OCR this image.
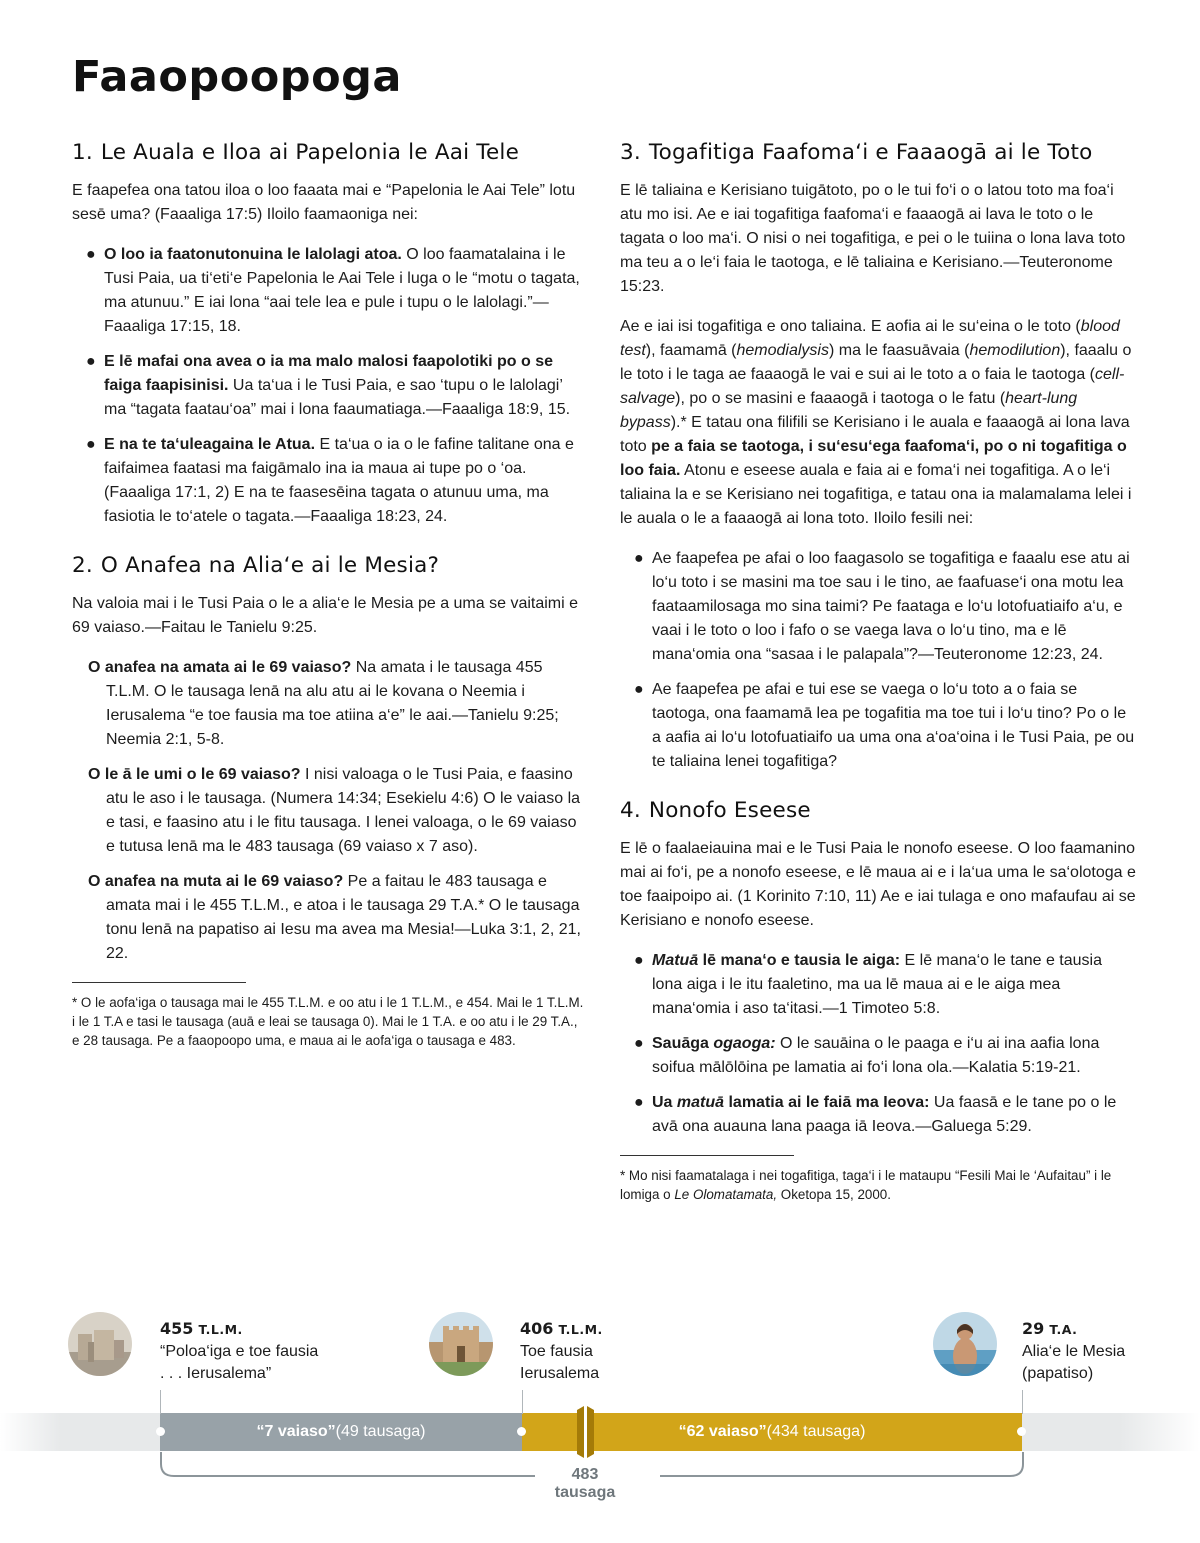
Faaopoopoga
1. Le Auala e Iloa ai Papelonia le Aai Tele

E faapefea ona tatou iloa o loo faaata mai e “Papelonia le Aai Tele” lotu sesē uma? (Faaaliga 17:5) Iloilo faamaoniga nei:

● O loo ia faatonutonuina le lalolagi atoa. O loo faamatalaina i le Tusi Paia, ua ti‘eti‘e Papelonia le Aai Tele i luga o le “motu o tagata, ma atunuu.” E iai lona “aai tele lea e pule i tupu o le lalolagi.”—Faaaliga 17:15, 18.
● E lē mafai ona avea o ia ma malo malosi faapolotiki po o se faiga faapisinisi. Ua ta‘ua i le Tusi Paia, e sao ‘tupu o le lalolagi’ ma “tagata faatau‘oa” mai i lona faaumatiaga.—Faaaliga 18:9, 15.
● E na te ta‘uleagaina le Atua. E ta‘ua o ia o le fafine talitane ona e faifaimea faatasi ma faigāmalo ina ia maua ai tupe po o ‘oa. (Faaaliga 17:1, 2) E na te faasesēina tagata o atunuu uma, ma fasiotia le to‘atele o tagata.—Faaaliga 18:23, 24.
2. O Anafea na Alia‘e ai le Mesia?

Na valoia mai i le Tusi Paia o le a alia‘e le Mesia pe a uma se vaitaimi e 69 vaiaso.—Faitau le Tanielu 9:25.

O anafea na amata ai le 69 vaiaso? Na amata i le tausaga 455 T.L.M. O le tausaga lenā na alu atu ai le kovana o Neemia i Ierusalema “e toe fausia ma toe atiina a‘e” le aai.—Tanielu 9:25; Neemia 2:1, 5-8.

O le ā le umi o le 69 vaiaso? I nisi valoaga o le Tusi Paia, e faasino atu le aso i le tausaga. (Numera 14:34; Esekielu 4:6) O le vaiaso la e tasi, e faasino atu i le fitu tausaga. I lenei valoaga, o le 69 vaiaso e tutusa lenā ma le 483 tausaga (69 vaiaso x 7 aso).

O anafea na muta ai le 69 vaiaso? Pe a faitau le 483 tausaga e amata mai i le 455 T.L.M., e atoa i le tausaga 29 T.A.* O le tausaga tonu lenā na papatiso ai Iesu ma avea ma Mesia!—Luka 3:1, 2, 21, 22.

* O le aofa‘iga o tausaga mai le 455 T.L.M. e oo atu i le 1 T.L.M., e 454. Mai le 1 T.L.M. i le 1 T.A e tasi le tausaga (auā e leai se tausaga 0). Mai le 1 T.A. e oo atu i le 29 T.A., e 28 tausaga. Pe a faaopoopo uma, e maua ai le aofa‘iga o tausaga e 483.

3. Togafitiga Faafoma‘i e Faaaogā ai le Toto

E lē taliaina e Kerisiano tuigātoto, po o le tui fo‘i o o latou toto ma foa‘i atu mo isi. Ae e iai togafitiga faafoma‘i e faaaogā ai lava le toto o le tagata o loo ma‘i. O nisi o nei togafitiga, e pei o le tuiina o lona lava toto ma teu a o le‘i faia le taotoga, e lē taliaina e Kerisiano.—Teuteronome 15:23.

Ae e iai isi togafitiga e ono taliaina. E aofia ai le su‘eina o le toto (blood test), faamamā (hemodialysis) ma le faasuāvaia (hemodilution), faaalu o le toto i le taga ae faaaogā le vai e sui ai le toto a o faia le taotoga (cell-salvage), po o se masini e faaaogā i taotoga o le fatu (heart-lung bypass).* E tatau ona filifili se Kerisiano i le auala e faaaogā ai lona lava toto pe a faia se taotoga, i su‘esu‘ega faafoma‘i, po o ni togafitiga o loo faia. Atonu e eseese auala e faia ai e foma‘i nei togafitiga. A o le‘i taliaina la e se Kerisiano nei togafitiga, e tatau ona ia malamalama lelei i le auala o le a faaaogā ai lona toto. Iloilo fesili nei:

● Ae faapefea pe afai o loo faagasolo se togafitiga e faaalu ese atu ai lo‘u toto i se masini ma toe sau i le tino, ae faafuase‘i ona motu lea faataamilosaga mo sina taimi? Pe faataga e lo‘u lotofuatiaifo a‘u, e vaai i le toto o loo i fafo o se vaega lava o lo‘u tino, ma e lē mana‘omia ona “sasaa i le palapala”?—Teuteronome 12:23, 24.
● Ae faapefea pe afai e tui ese se vaega o lo‘u toto a o faia se taotoga, ona faamamā lea pe togafitia ma toe tui i lo‘u tino? Po o le a aafia ai lo‘u lotofuatiaifo ua uma ona a‘oa‘oina i le Tusi Paia, pe ou te taliaina lenei togafitiga?
4. Nonofo Eseese

E lē o faalaeiauina mai e le Tusi Paia le nonofo eseese. O loo faamanino mai ai fo‘i, pe a nonofo eseese, e lē maua ai e i la‘ua uma le sa‘olotoga e toe faaipoipo ai. (1 Korinito 7:10, 11) Ae e iai tulaga e ono mafaufau ai se Kerisiano e nonofo eseese.

● Matuā lē mana‘o e tausia le aiga: E lē mana‘o le tane e tausia lona aiga i le itu faaletino, ma ua lē maua ai e le aiga mea mana‘omia i aso ta‘itasi.—1 Timoteo 5:8.
● Sauāga ogaoga: O le sauāina o le paaga e i‘u ai ina aafia lona soifua mālōlōina pe lamatia ai fo‘i lona ola.—Kalatia 5:19-21.
● Ua matuā lamatia ai le faiā ma Ieova: Ua faasā e le tane po o le avā ona auauna lana paaga iā Ieova.—Galuega 5:29.

* Mo nisi faamatalaga i nei togafitiga, taga‘i i le mataupu “Fesili Mai le ‘Aufaitau” i le lomiga o Le Olomatamata, Oketopa 15, 2000.

“7 vaiaso”(49 tausaga)	“62 vaiaso”(434 tausaga)
455 T.L.M.
“Poloa‘iga e toe fausia
. . . Ierusalema”
406 T.L.M.
Toe fausia
Ierusalema
29 T.A.
Alia‘e le Mesia
(papatiso)
483 tausaga
